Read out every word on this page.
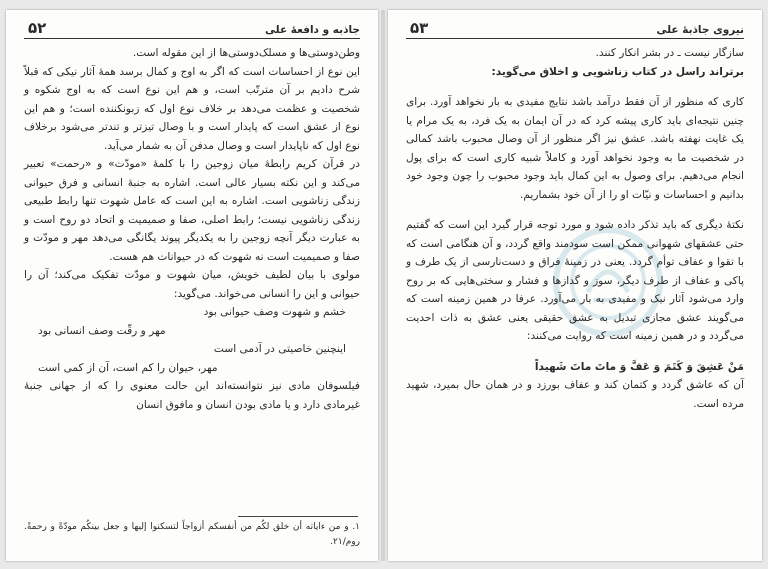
جاذبه و دافعهٔ علی
۵۲

وطن‌دوستی‌ها و مسلک‌دوستی‌ها از این مقوله است.

این نوع از احساسات است که اگر به اوج و کمال برسد همهٔ آثار نیکی که قبلاً شرح دادیم بر آن مترتّب است، و هم این نوع است که به اوج شکوه و شخصیت و عظمت می‌دهد بر خلاف نوع اول که زبونکننده است؛ و هم این نوع از عشق است که پایدار است و با وصال تیزتر و تندتر می‌شود برخلاف نوع اول که ناپایدار است و وصال مدفن آن به شمار می‌آید.

در قرآن کریم رابطهٔ میان زوجین را با کلمهٔ «مودّت» و «رحمت» تعبیر می‌کند و این نکته بسیار عالی است. اشاره به جنبهٔ انسانی و فرق حیوانی زندگی زناشویی است. اشاره به این است که عامل شهوت تنها رابط طبیعی زندگی زناشویی نیست؛ رابط اصلی، صفا و صمیمیت و اتحاد دو روح است و به عبارت دیگر آنچه زوجین را به یکدیگر پیوند یگانگی می‌دهد مهر و مودّت و صفا و صمیمیت است نه شهوت که در حیوانات هم هست.

مولوی با بیان لطیف خویش، میان شهوت و مودّت تفکیک می‌کند؛ آن را حیوانی و این را انسانی می‌خواند. می‌گوید:

خشم و شهوت وصف حیوانی بود
مهر و رقّت وصف انسانی بود
اینچنین خاصیتی در آدمی است
مهر، حیوان را کم است، آن از کمی است

فیلسوفان مادی نیز نتوانسته‌اند این حالت معنوی را که از جهانی جنبهٔ غیرمادی دارد و یا مادی بودن انسان و مافوق انسان

۱. و من ءاياته أن خلق لكُم من أنفسكم أزواجاً لتسكنوا إليها و جعل بينكُم مودّةً و رحمةً. روم/۲۱.
نیروی جاذبهٔ علی
۵۳

سازگار نیست ـ در بشر انکار کنند.

برتراند راسل در کتاب زناشویی و اخلاق می‌گوید:

کاری که منظور از آن فقط درآمد باشد نتایج مفیدی به بار نخواهد آورد. برای چنین نتیجه‌ای باید کاری پیشه کرد که در آن ایمان به یک فرد، به یک مرام یا یک غایت نهفته باشد. عشق نیز اگر منظور از آن وصال محبوب باشد کمالی در شخصیت ما به وجود نخواهد آورد و کاملاً شبیه کاری است که برای پول انجام می‌دهیم. برای وصول به این کمال باید وجود محبوب را چون وجود خود بدانیم و احساسات و نیّات او را از آن خود بشماریم.

نکتهٔ دیگری که باید تذکر داده شود و مورد توجه قرار گیرد این است که گفتیم حتی عشقهای شهوانی ممکن است سودمند واقع گردد، و آن هنگامی است که با تقوا و عفاف توأم گردد. یعنی در زمینهٔ فراق و دست‌نارسی از یک طرف و پاکی و عفاف از طرف دیگر، سوز و گدازها و فشار و سختی‌هایی که بر روح وارد می‌شود آثار نیک و مفیدی به بار می‌آورد. عرفا در همین زمینه است که می‌گویند عشق مجازی تبدیل به عشق حقیقی یعنی عشق به ذات احدیت می‌گردد و در همین زمینه است که روایت می‌کنند:

مَنْ عَشِقَ وَ کَتَمَ وَ عَفَّ وَ ماتَ ماتَ شَهیداً

آن که عاشق گردد و کتمان کند و عفاف بورزد و در همان حال بمیرد، شهید مرده است.
